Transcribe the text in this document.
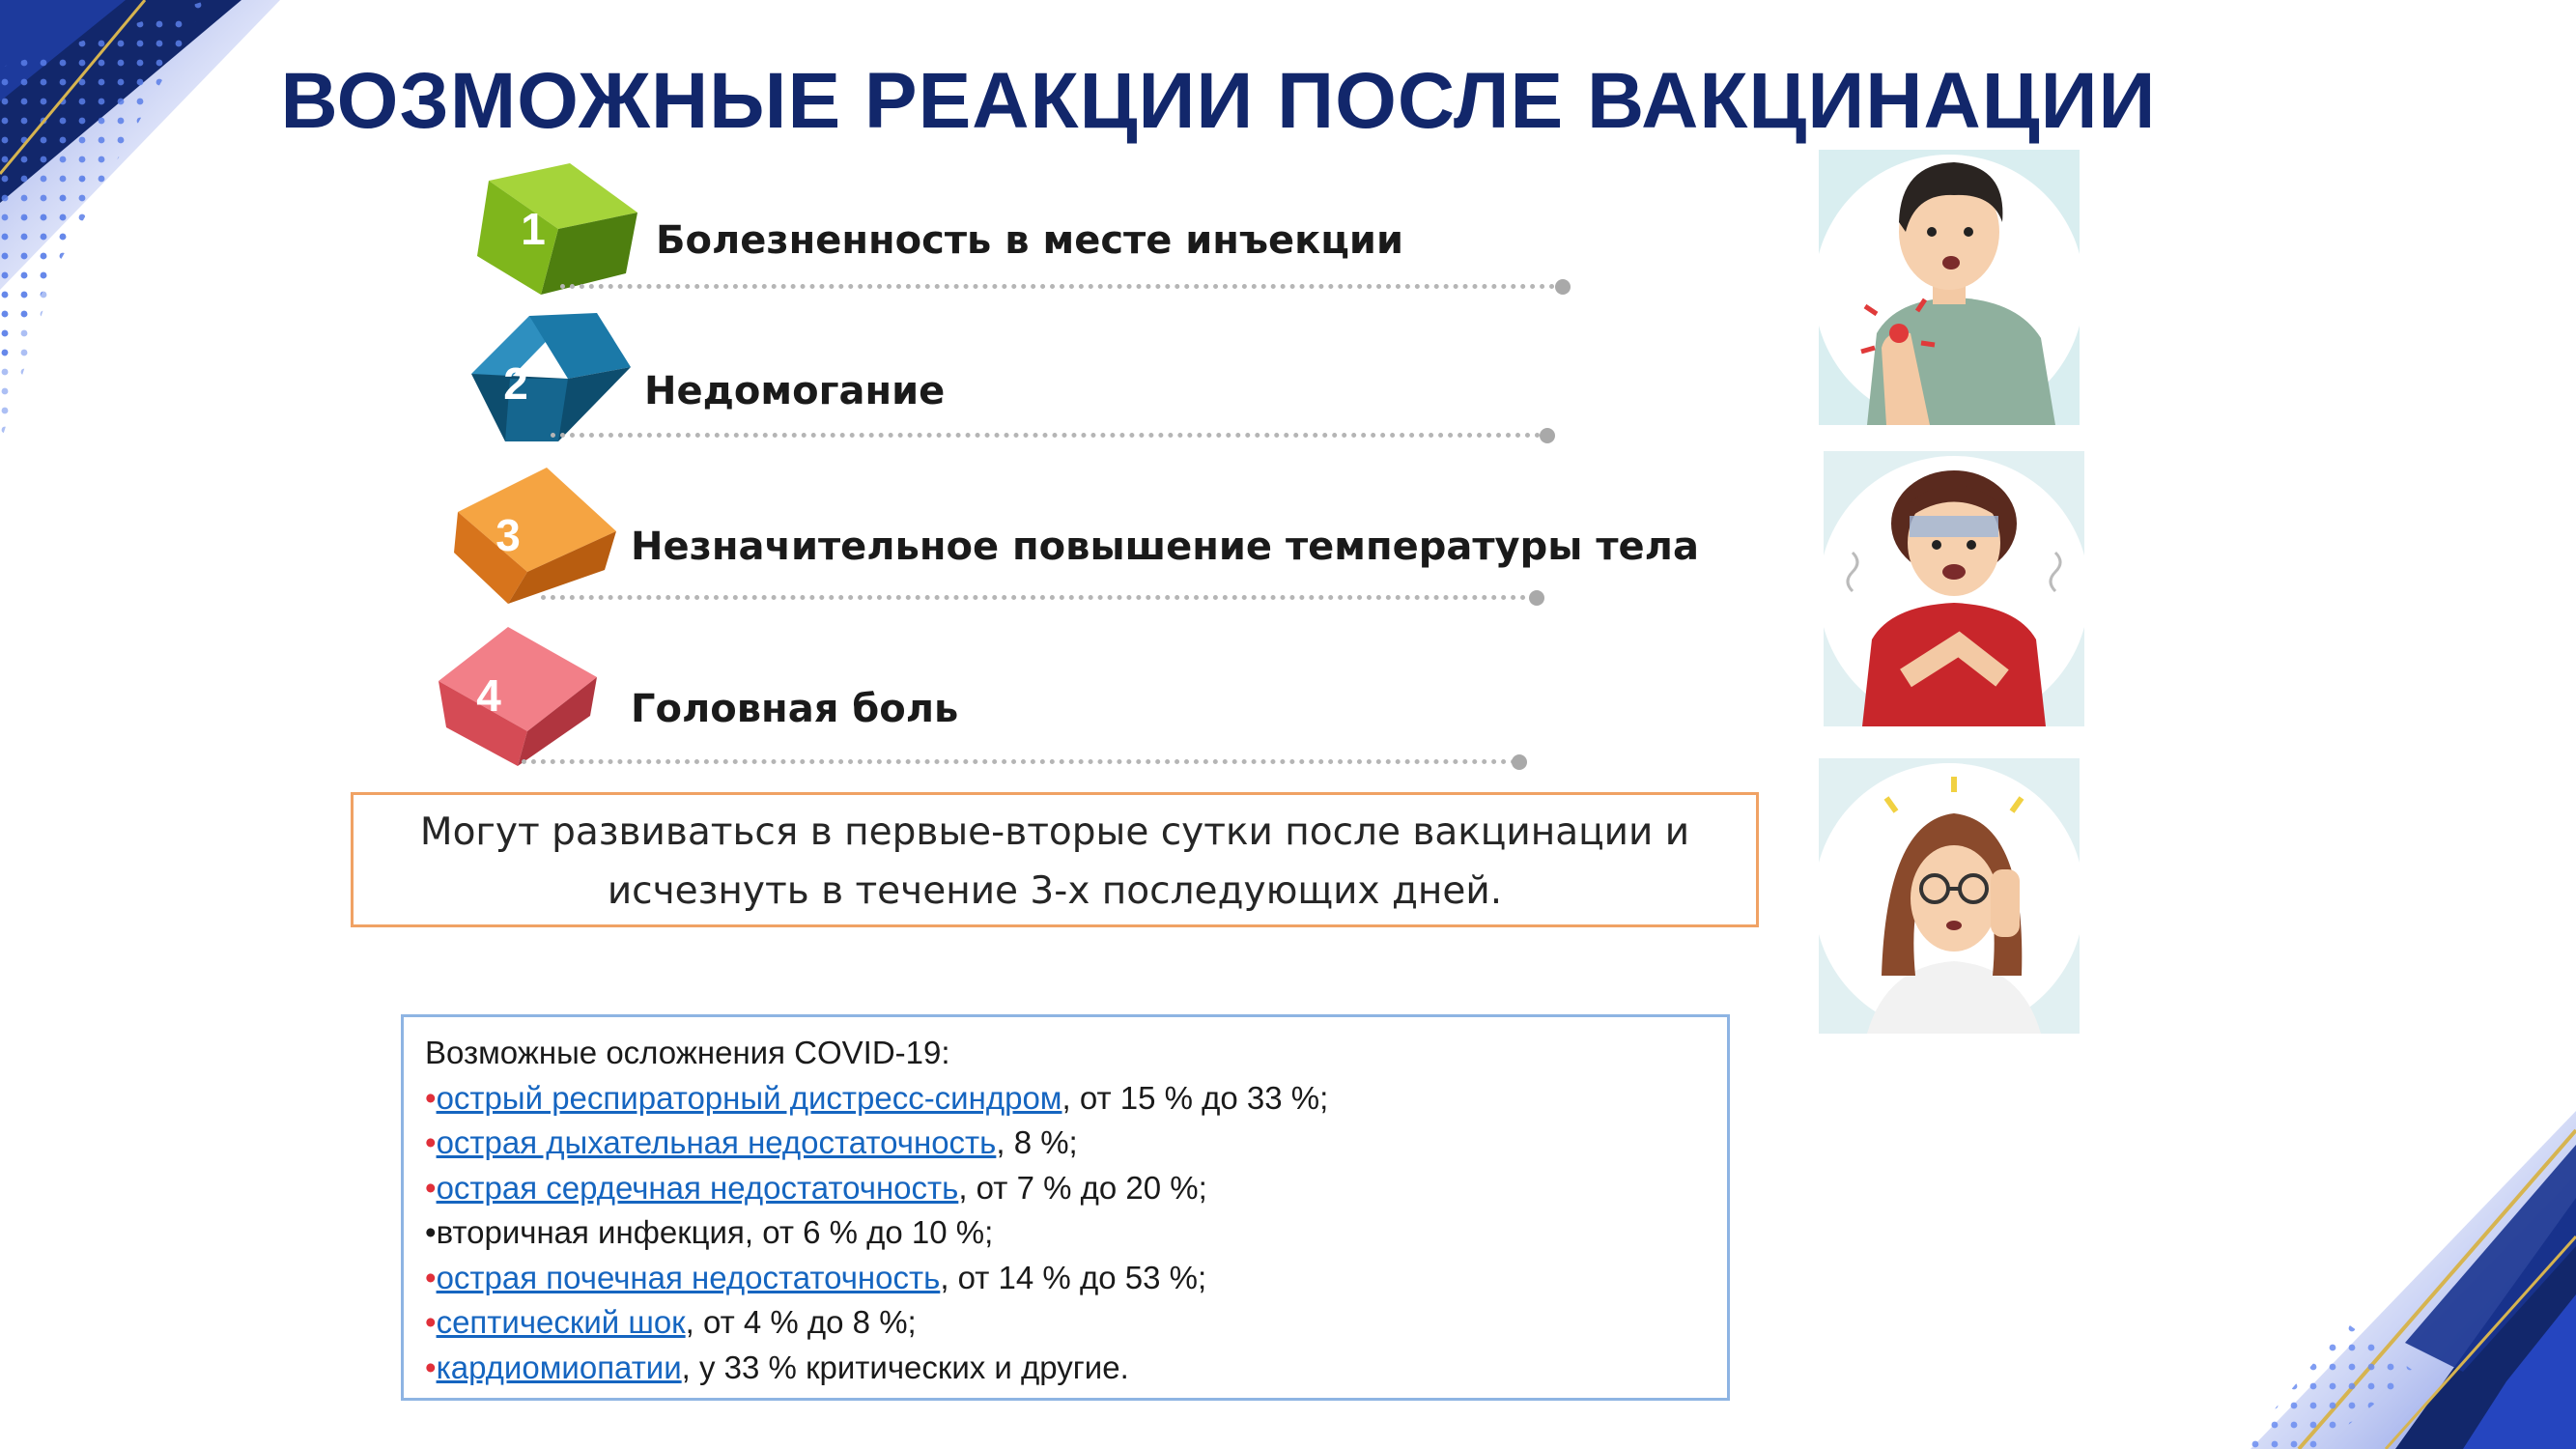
ВОЗМОЖНЫЕ РЕАКЦИИ ПОСЛЕ ВАКЦИНАЦИИ
1	Болезненность в месте инъекции
2	Недомогание
3	Незначительное повышение температуры тела
4	Головная боль
Могут развиваться в первые-вторые сутки после вакцинации и
исчезнуть в течение 3-х последующих дней.
Возможные осложнения COVID-19:
•острый респираторный дистресс-синдром, от 15 % до 33 %;
•острая дыхательная недостаточность, 8 %;
•острая сердечная недостаточность, от 7 % до 20 %;
•вторичная инфекция, от 6 % до 10 %;
•острая почечная недостаточность, от 14 % до 53 %;
•септический шок, от 4 % до 8 %;
•кардиомиопатии, у 33 % критических и другие.
